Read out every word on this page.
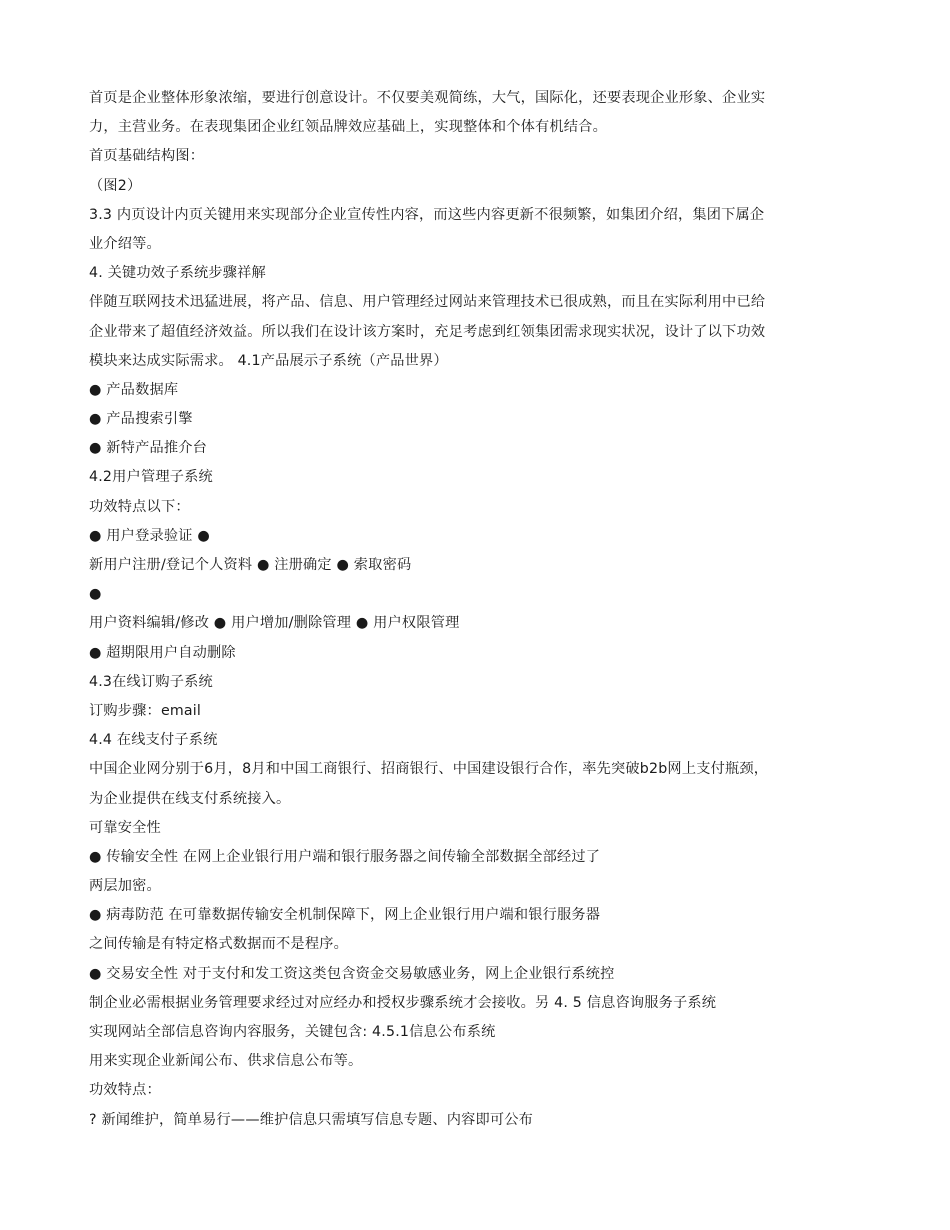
首页是企业整体形象浓缩，要进行创意设计。不仅要美观简练，大气，国际化，还要表现企业形象、企业实
力，主营业务。在表现集团企业红领品牌效应基础上，实现整体和个体有机结合。
首页基础结构图：
（图2）
3.3 内页设计内页关键用来实现部分企业宣传性内容，而这些内容更新不很频繁，如集团介绍，集团下属企
业介绍等。
4. 关键功效子系统步骤祥解
伴随互联网技术迅猛进展，将产品、信息、用户管理经过网站来管理技术已很成熟，而且在实际利用中已给
企业带来了超值经济效益。所以我们在设计该方案时，充足考虑到红领集团需求现实状况，设计了以下功效
模块来达成实际需求。 4.1产品展示子系统（产品世界）
● 产品数据库
● 产品搜索引擎
● 新特产品推介台
4.2用户管理子系统
功效特点以下：
● 用户登录验证 ●
新用户注册/登记个人资料 ● 注册确定 ● 索取密码
●
用户资料编辑/修改 ● 用户增加/删除管理 ● 用户权限管理
● 超期限用户自动删除
4.3在线订购子系统
订购步骤：email
4.4 在线支付子系统
中国企业网分别于6月，8月和中国工商银行、招商银行、中国建设银行合作，率先突破b2b网上支付瓶颈，
为企业提供在线支付系统接入。
可靠安全性
● 传输安全性 在网上企业银行用户端和银行服务器之间传输全部数据全部经过了
两层加密。
● 病毒防范 在可靠数据传输安全机制保障下，网上企业银行用户端和银行服务器
之间传输是有特定格式数据而不是程序。
● 交易安全性 对于支付和发工资这类包含资金交易敏感业务，网上企业银行系统控
制企业必需根据业务管理要求经过对应经办和授权步骤系统才会接收。另 4. 5 信息咨询服务子系统
实现网站全部信息咨询内容服务，关键包含: 4.5.1信息公布系统
用来实现企业新闻公布、供求信息公布等。
功效特点：
? 新闻维护，简单易行——维护信息只需填写信息专题、内容即可公布
